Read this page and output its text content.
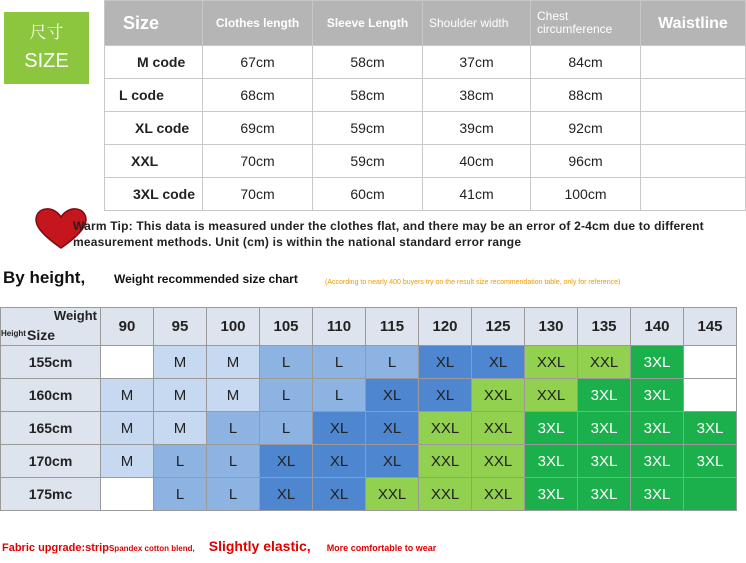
尺寸
SIZE
Size	Clothes length	Sleeve Length	Shoulder width	Chest circumference	Waistline
M code	67cm	58cm	37cm	84cm	
L code	68cm	58cm	38cm	88cm	
XL code	69cm	59cm	39cm	92cm	
XXL	70cm	59cm	40cm	96cm	
3XL code	70cm	60cm	41cm	100cm	
Warm Tip: This data is measured under the clothes flat, and there may be an error of 2-4cm due to different measurement methods. Unit (cm) is within the national standard error range
By height, Weight recommended size chart	(According to nearly 400 buyers try on the result size recommendation table, only for reference)
Weight
Height Size	90	95	100	105	110	115	120	125	130	135	140	145
155cm		M	M	L	L	L	XL	XL	XXL	XXL	3XL	
160cm	M	M	M	L	L	XL	XL	XXL	XXL	3XL	3XL	
165cm	M	M	L	L	XL	XL	XXL	XXL	3XL	3XL	3XL	3XL
170cm	M	L	L	XL	XL	XL	XXL	XXL	3XL	3XL	3XL	3XL
175mc		L	L	XL	XL	XXL	XXL	XXL	3XL	3XL	3XL	
Fabric upgrade:stripSpandex cotton blend, Slightly elastic, More comfortable to wear
